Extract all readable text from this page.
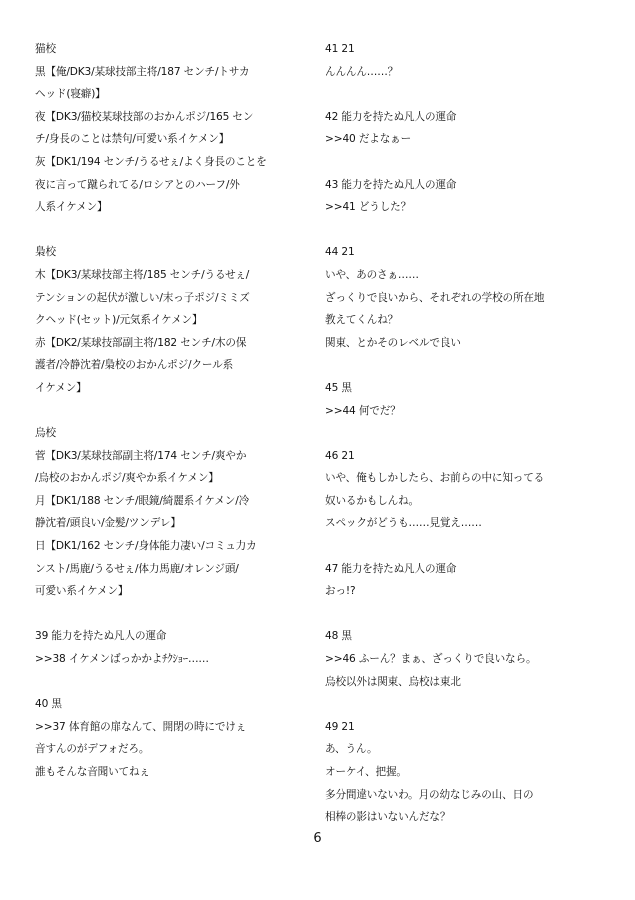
猫校
黒【俺/DK3/某球技部主将/187 センチ/トサカ
ヘッド(寝癖)】
夜【DK3/猫校某球技部のおかんポジ/165 セン
チ/身長のことは禁句/可愛い系イケメン】
灰【DK1/194 センチ/うるせぇ/よく身長のことを
夜に言って蹴られてる/ロシアとのハーフ/外
人系イケメン】
梟校
木【DK3/某球技部主将/185 センチ/うるせぇ/
テンションの起伏が激しい/末っ子ポジ/ミミズ
クヘッド(セット)/元気系イケメン】
赤【DK2/某球技部副主将/182 センチ/木の保
護者/冷静沈着/梟校のおかんポジ/クール系
イケメン】
烏校
菅【DK3/某球技部副主将/174 センチ/爽やか
/烏校のおかんポジ/爽やか系イケメン】
月【DK1/188 センチ/眼鏡/綺麗系イケメン/冷
静沈着/頭良い/金髪/ツンデレ】
日【DK1/162 センチ/身体能力凄い/コミュ力カ
ンスト/馬鹿/うるせぇ/体力馬鹿/オレンジ頭/
可愛い系イケメン】
39 能力を持たぬ凡人の運命
>>38 イケメンばっかかよﾁｸｼｮｰ……
40 黒
>>37 体育館の扉なんて、開閉の時にでけぇ
音すんのがデフォだろ。
誰もそんな音聞いてねぇ
41 21
んんんん……？
42 能力を持たぬ凡人の運命
>>40 だよなぁー
43 能力を持たぬ凡人の運命
>>41 どうした？
44 21
いや、あのさぁ……
ざっくりで良いから、それぞれの学校の所在地
教えてくんね？
関東、とかそのレベルで良い
45 黒
>>44 何でだ？
46 21
いや、俺もしかしたら、お前らの中に知ってる
奴いるかもしんね。
スペックがどうも……見覚え……
47 能力を持たぬ凡人の運命
おっ!?
48 黒
>>46 ふーん？まぁ、ざっくりで良いなら。
烏校以外は関東、烏校は東北
49 21
あ、うん。
オーケイ、把握。
多分間違いないわ。月の幼なじみの山、日の
相棒の影はいないんだな？
6
